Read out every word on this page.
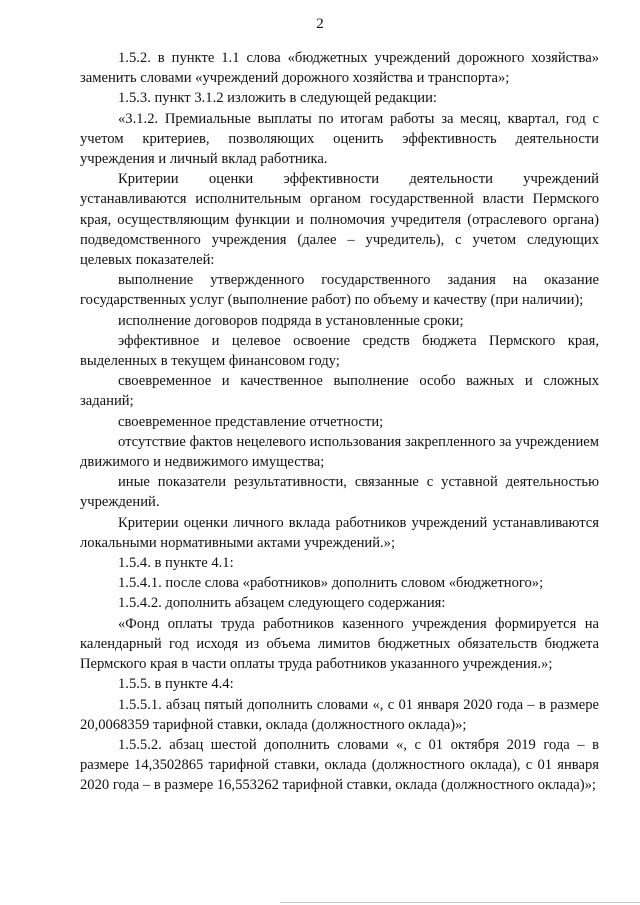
2

1.5.2. в пункте 1.1 слова «бюджетных учреждений дорожного хозяйства» заменить словами «учреждений дорожного хозяйства и транспорта»;

1.5.3. пункт 3.1.2 изложить в следующей редакции:

«3.1.2. Премиальные выплаты по итогам работы за месяц, квартал, год с учетом критериев, позволяющих оценить эффективность деятельности учреждения и личный вклад работника.

Критерии оценки эффективности деятельности учреждений устанавливаются исполнительным органом государственной власти Пермского края, осуществляющим функции и полномочия учредителя (отраслевого органа) подведомственного учреждения (далее – учредитель), с учетом следующих целевых показателей:

выполнение утвержденного государственного задания на оказание государственных услуг (выполнение работ) по объему и качеству (при наличии);

исполнение договоров подряда в установленные сроки;

эффективное и целевое освоение средств бюджета Пермского края, выделенных в текущем финансовом году;

своевременное и качественное выполнение особо важных и сложных заданий;

своевременное представление отчетности;

отсутствие фактов нецелевого использования закрепленного за учреждением движимого и недвижимого имущества;

иные показатели результативности, связанные с уставной деятельностью учреждений.

Критерии оценки личного вклада работников учреждений устанавливаются локальными нормативными актами учреждений.»;

1.5.4. в пункте 4.1:

1.5.4.1. после слова «работников» дополнить словом «бюджетного»;

1.5.4.2. дополнить абзацем следующего содержания:

«Фонд оплаты труда работников казенного учреждения формируется на календарный год исходя из объема лимитов бюджетных обязательств бюджета Пермского края в части оплаты труда работников указанного учреждения.»;

1.5.5. в пункте 4.4:

1.5.5.1. абзац пятый дополнить словами «, с 01 января 2020 года – в размере 20,0068359 тарифной ставки, оклада (должностного оклада)»;

1.5.5.2. абзац шестой дополнить словами «, с 01 октября 2019 года – в размере 14,3502865 тарифной ставки, оклада (должностного оклада), с 01 января 2020 года – в размере 16,553262 тарифной ставки, оклада (должностного оклада)»;
